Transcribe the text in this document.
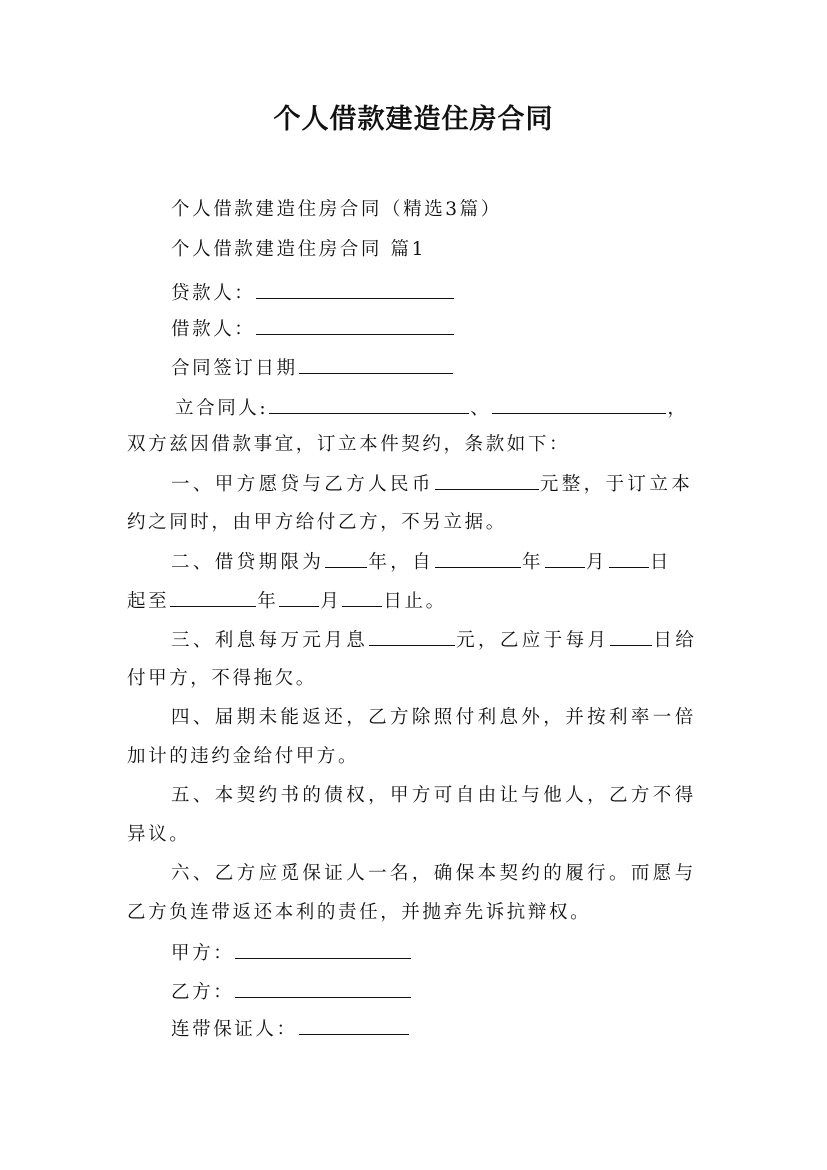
个人借款建造住房合同
个人借款建造住房合同（精选3篇）
个人借款建造住房合同 篇1
贷款人：
借款人：
合同签订日期
立合同人:	、	，
双方兹因借款事宜，订立本件契约，条款如下：
一、甲方愿贷与乙方人民币	元整，于订立本
约之同时，由甲方给付乙方，不另立据。
二、借贷期限为 年，自	年 月 日
起至	年 月 日止。
三、利息每万元月息	元，乙应于每月 日给
付甲方，不得拖欠。
四、届期未能返还，乙方除照付利息外，并按利率一倍
加计的违约金给付甲方。
五、本契约书的债权，甲方可自由让与他人，乙方不得
异议。
六、乙方应觅保证人一名，确保本契约的履行。而愿与
乙方负连带返还本利的责任，并抛弃先诉抗辩权。
甲方：
乙方：
连带保证人：
